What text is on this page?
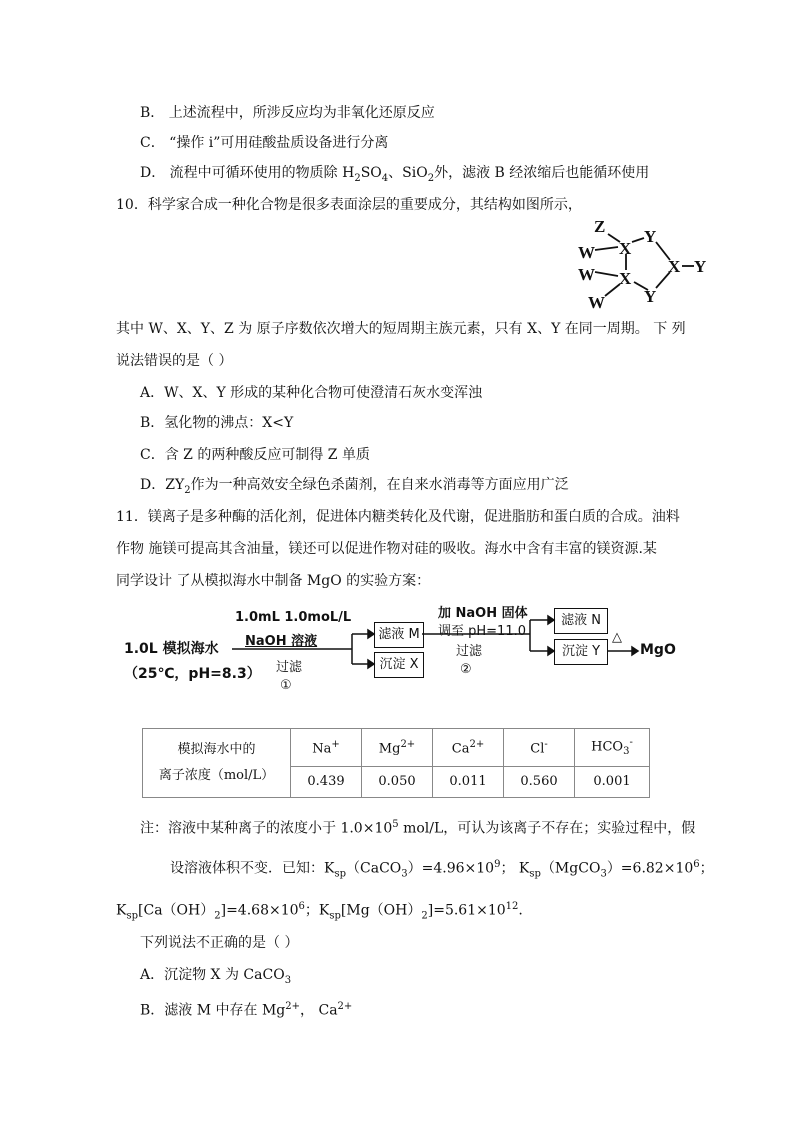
B． 上述流程中，所涉反应均为非氧化还原反应
C． “操作 i”可用硅酸盐质设备进行分离
D． 流程中可循环使用的物质除 $H_2SO_4$、SiO$_2$外，滤液 B 经浓缩后也能循环使用
10．科学家合成一种化合物是很多表面涂层的重要成分，其结构如图所示，
Z
X
Y
W
W X
X Y
Y
W
其中 W、X、Y、Z 为 原子序数依次增大的短周期主族元素，只有 X、Y 在同一周期。 下 列
说法错误的是（ ）
A．W、X、Y 形成的某种化合物可使澄清石灰水变浑浊
B．氢化物的沸点：X<Y
C．含 Z 的两种酸反应可制得 Z 单质
D．$ZY_2$作为一种高效安全绿色杀菌剂，在自来水消毒等方面应用广泛
11．镁离子是多种酶的活化剂，促进体内糖类转化及代谢，促进脂肪和蛋白质的合成。油料
作物 施镁可提高其含油量，镁还可以促进作物对硅的吸收。海水中含有丰富的镁资源.某
同学设计 了从模拟海水中制备 MgO 的实验方案：
1.0L 模拟海水
（25℃，pH=8.3）
1.0mL 1.0moL/L
NaOH 溶液
过滤
①
滤液 M
沉淀 X
加 NaOH 固体
调至 pH=11.0
过滤
②
滤液 N
沉淀 Y
△
MgO
模拟海水中的
离子浓度（mol/L）	Na+	$Mg^{2+}$	$Ca^{2+}$	Cl-	$HCO_3^-$
	0.439	0.050	0.011	0.560	0.001
注：溶液中某种离子的浓度小于 $1.0\times 10^5$ mol/L，可认为该离子不存在；实验过程中，假
设溶液体积不变．已知：$K_{sp}(CaCO_3)=4.96\times 10^9$； $K_{sp}(MgCO_3)=6.82\times 10^6$；
$K_{sp}[Ca(OH)_2]=4.68\times 10^6$；$K_{sp}[Mg(OH)_2]=5.61\times 10^{12}$.
下列说法不正确的是（ ）
A．沉淀物 X 为 CaCO$_3$
B．滤液 M 中存在 $Mg^{2+}$， $Ca^{2+}$
